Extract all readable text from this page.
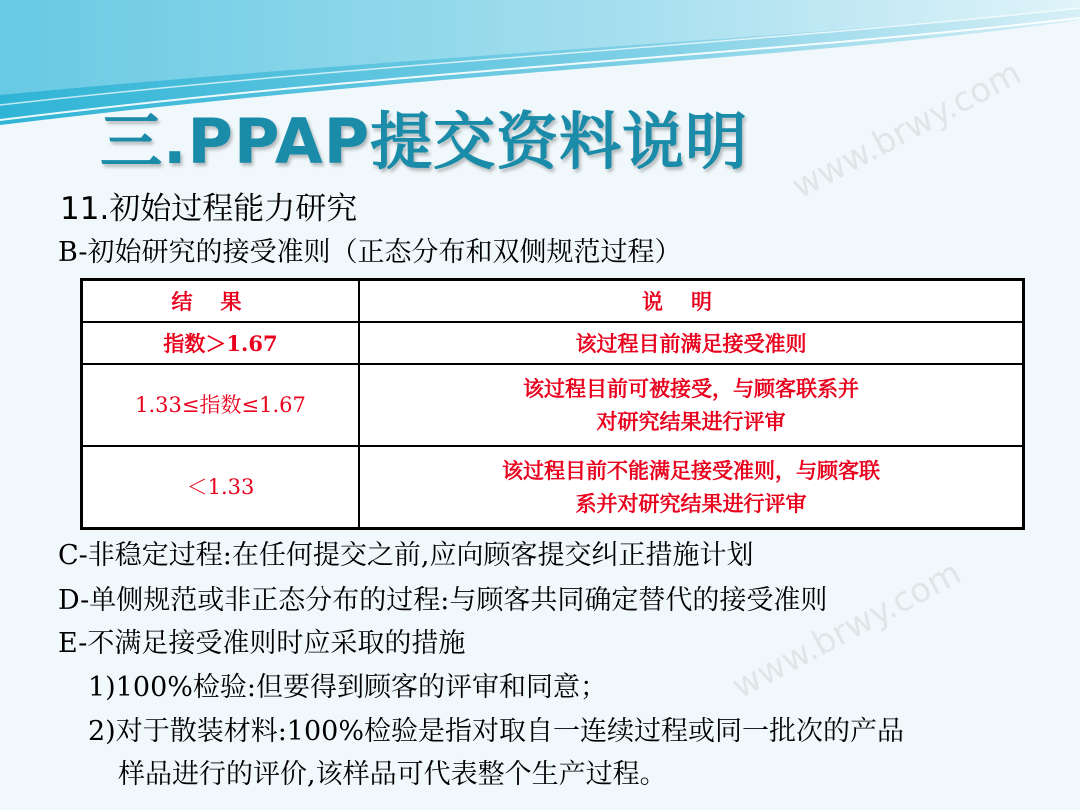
www.brwy.com
www.brwy.com
三.PPAP提交资料说明
11.初始过程能力研究
B-初始研究的接受准则（正态分布和双侧规范过程）
结果	说明
指数＞1.67	该过程目前满足接受准则

1.33≤指数≤1.67	该过程目前可被接受，与顾客联系并
对研究结果进行评审

＜1.33	该过程目前不能满足接受准则，与顾客联
系并对研究结果进行评审
C-非稳定过程:在任何提交之前,应向顾客提交纠正措施计划
D-单侧规范或非正态分布的过程:与顾客共同确定替代的接受准则
E-不满足接受准则时应采取的措施
1)100%检验:但要得到顾客的评审和同意；
2)对于散装材料:100%检验是指对取自一连续过程或同一批次的产品
样品进行的评价,该样品可代表整个生产过程。
